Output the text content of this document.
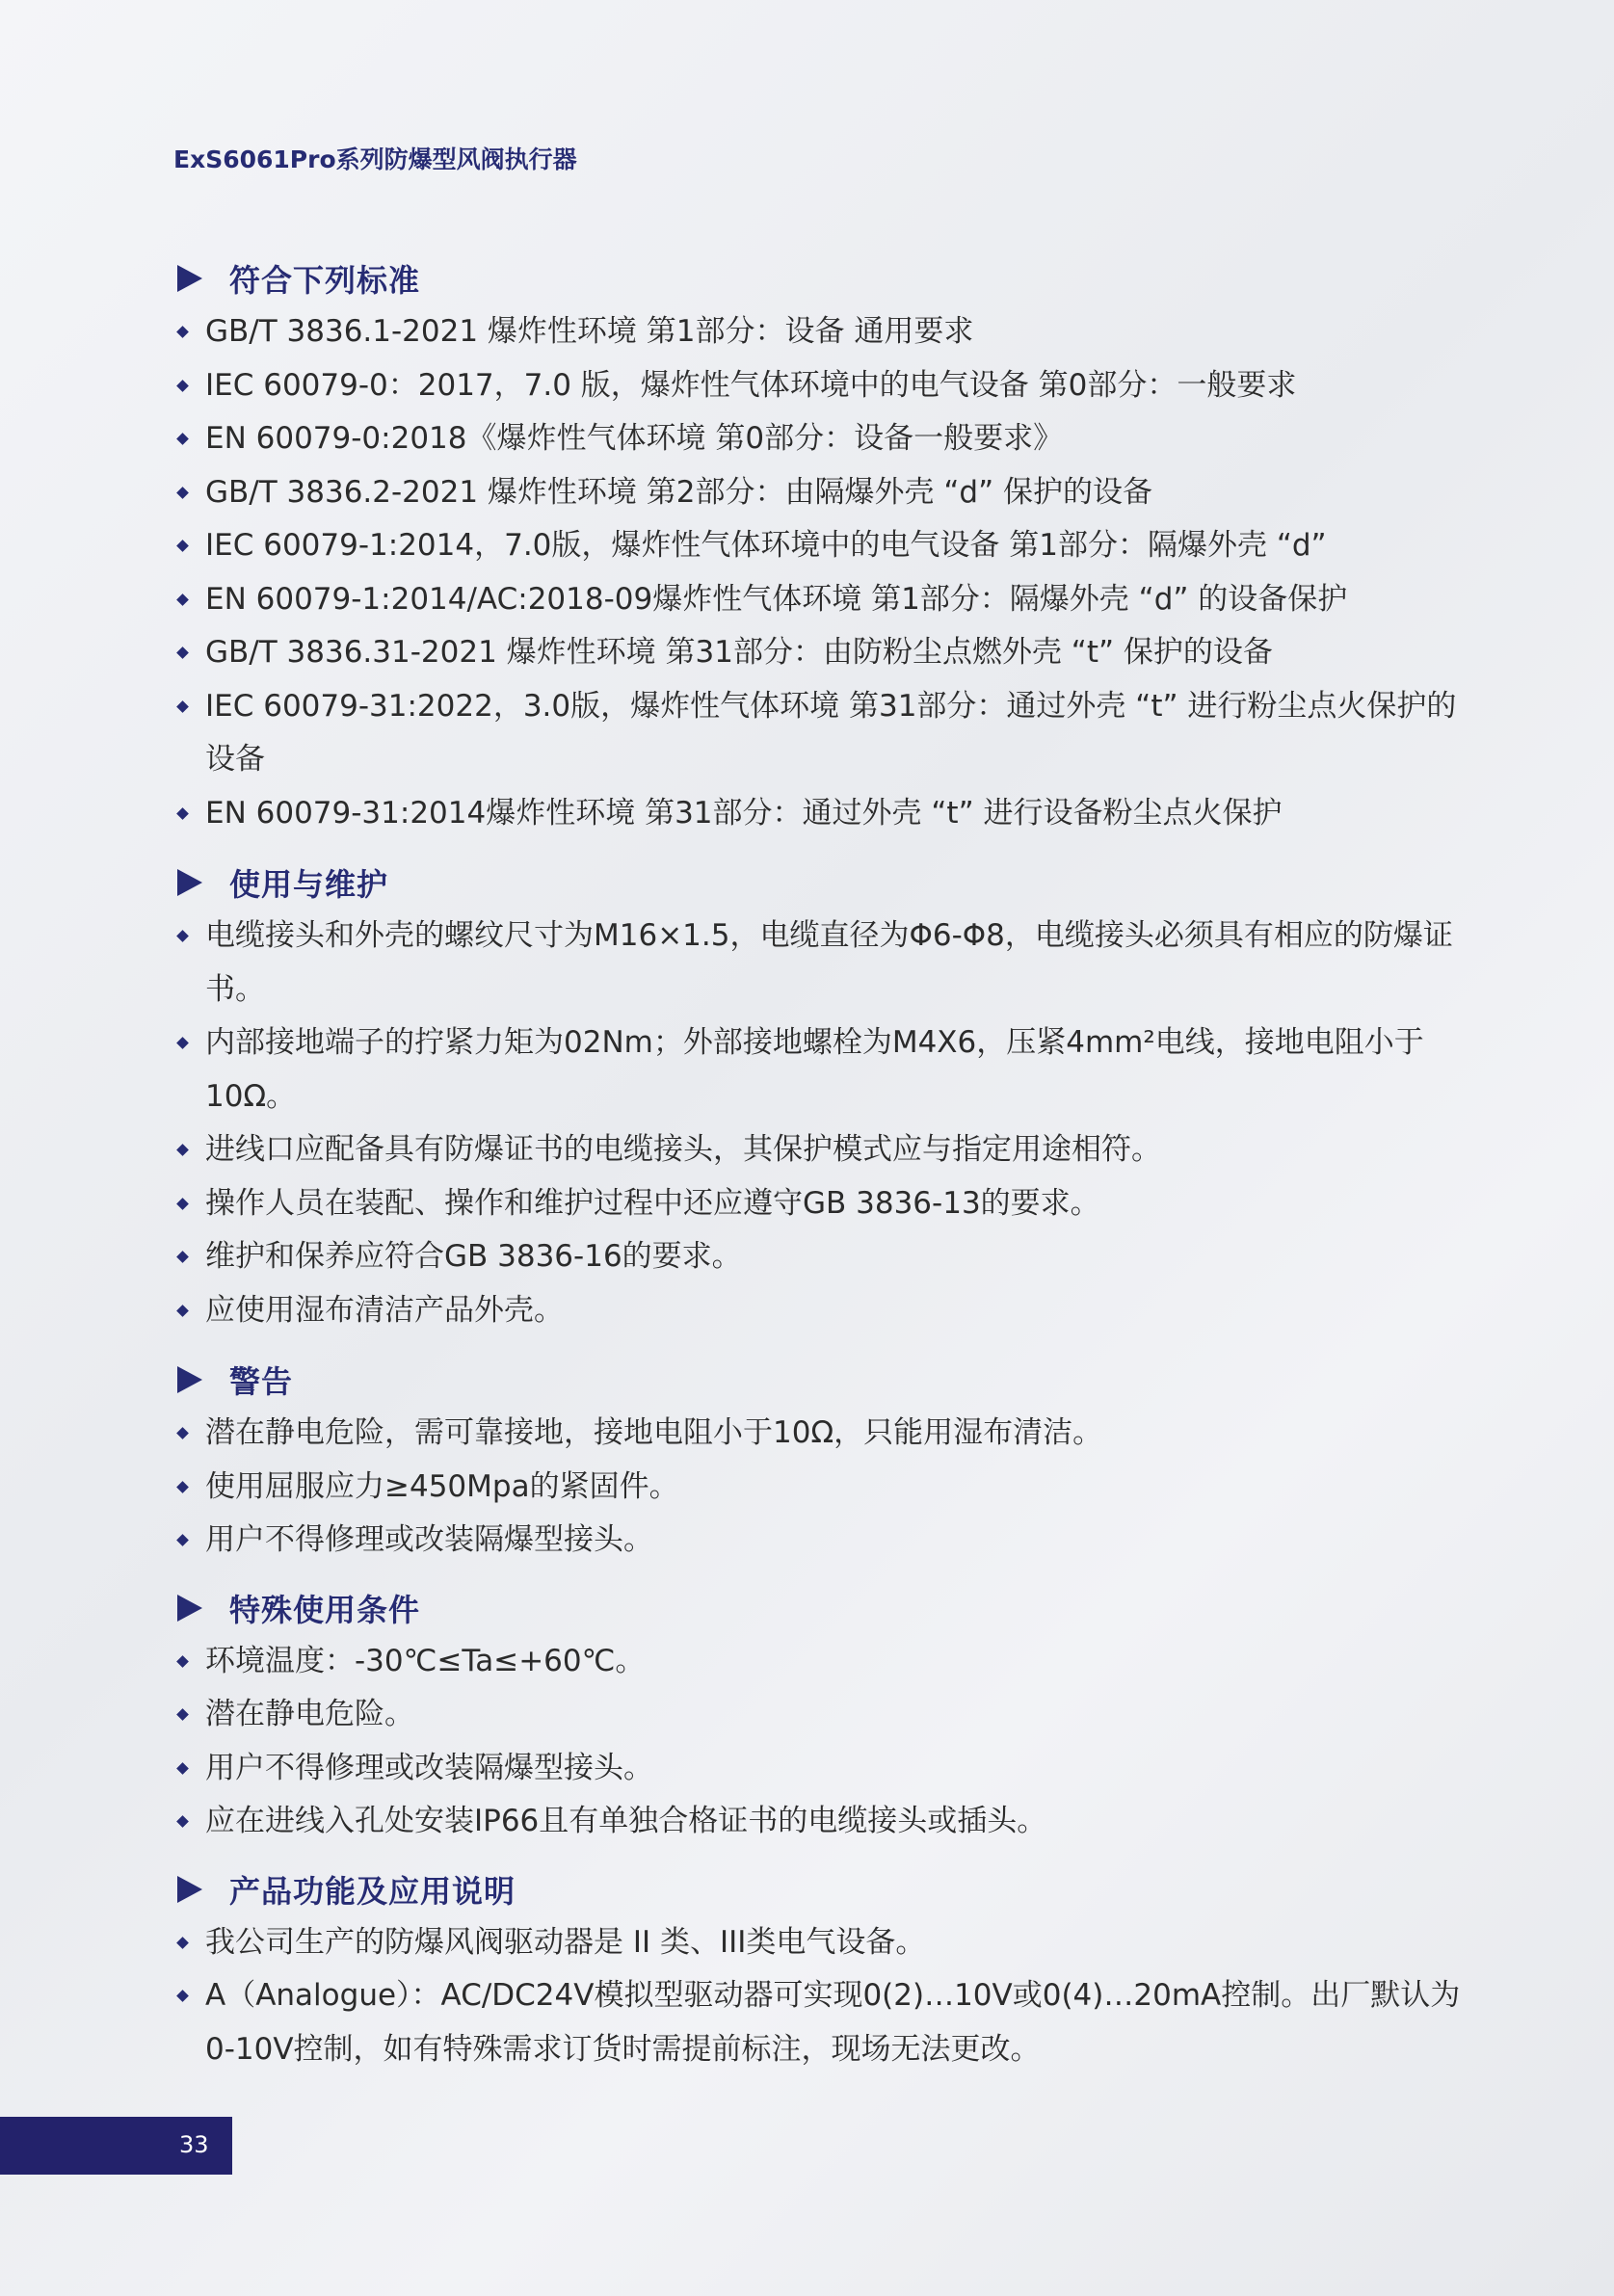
ExS6061Pro系列防爆型风阀执行器
符合下列标准
GB/T 3836.1-2021 爆炸性环境 第1部分：设备 通用要求
IEC 60079-0：2017，7.0 版，爆炸性气体环境中的电气设备 第0部分：一般要求
EN 60079-0:2018《爆炸性气体环境 第0部分：设备一般要求》
GB/T 3836.2-2021 爆炸性环境 第2部分：由隔爆外壳 “d” 保护的设备
IEC 60079-1:2014，7.0版，爆炸性气体环境中的电气设备 第1部分：隔爆外壳 “d”
EN 60079-1:2014/AC:2018-09爆炸性气体环境 第1部分：隔爆外壳 “d” 的设备保护
GB/T 3836.31-2021 爆炸性环境 第31部分：由防粉尘点燃外壳 “t” 保护的设备
IEC 60079-31:2022，3.0版，爆炸性气体环境 第31部分：通过外壳 “t” 进行粉尘点火保护的设备
EN 60079-31:2014爆炸性环境 第31部分：通过外壳 “t” 进行设备粉尘点火保护
使用与维护
电缆接头和外壳的螺纹尺寸为M16×1.5，电缆直径为Φ6-Φ8，电缆接头必须具有相应的防爆证书。
内部接地端子的拧紧力矩为02Nm；外部接地螺栓为M4X6，压紧4mm²电线，接地电阻小于10Ω。
进线口应配备具有防爆证书的电缆接头，其保护模式应与指定用途相符。
操作人员在装配、操作和维护过程中还应遵守GB 3836-13的要求。
维护和保养应符合GB 3836-16的要求。
应使用湿布清洁产品外壳。
警告
潜在静电危险，需可靠接地，接地电阻小于10Ω，只能用湿布清洁。
使用屈服应力≥450Mpa的紧固件。
用户不得修理或改装隔爆型接头。
特殊使用条件
环境温度：-30℃≤Ta≤+60℃。
潜在静电危险。
用户不得修理或改装隔爆型接头。
应在进线入孔处安装IP66且有单独合格证书的电缆接头或插头。
产品功能及应用说明
我公司生产的防爆风阀驱动器是 II 类、III类电气设备。
A（Analogue）：AC/DC24V模拟型驱动器可实现0(2)…10V或0(4)…20mA控制。出厂默认为0-10V控制，如有特殊需求订货时需提前标注，现场无法更改。
33
